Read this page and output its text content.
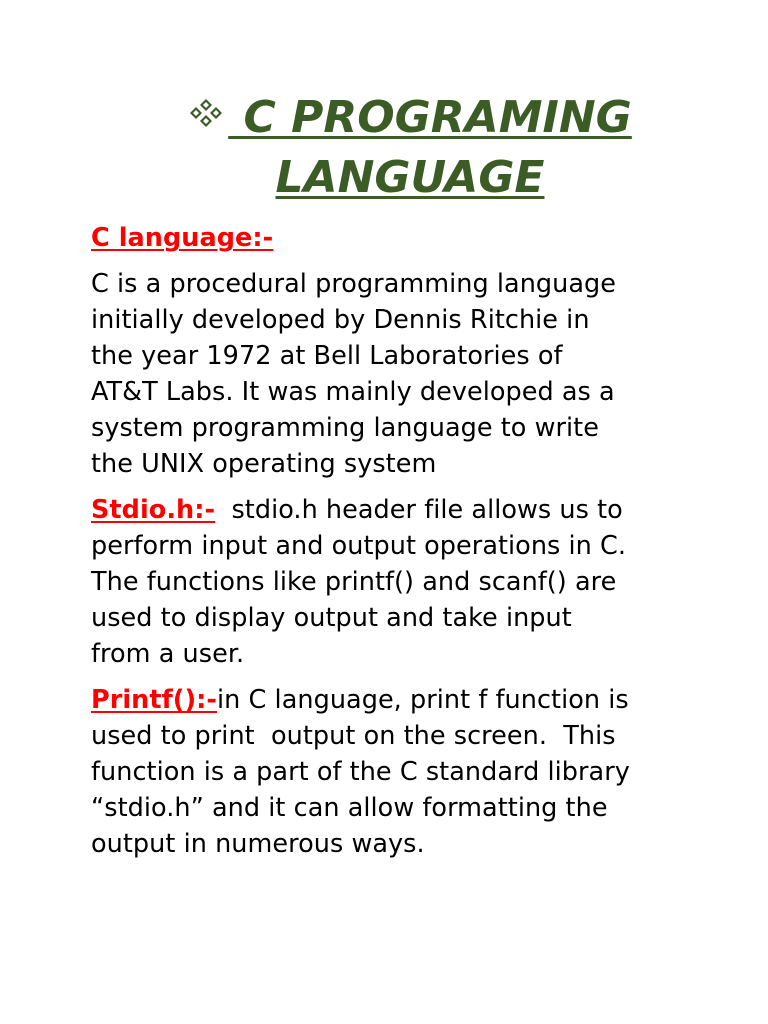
C PROGRAMING
LANGUAGE
C language:-
C is a procedural programming language
initially developed by Dennis Ritchie in
the year 1972 at Bell Laboratories of
AT&T Labs. It was mainly developed as a
system programming language to write
the UNIX operating system
Stdio.h:-  stdio.h header file allows us to
perform input and output operations in C.
The functions like printf() and scanf() are
used to display output and take input
from a user.
Printf():-in C language, print f function is
used to print  output on the screen.  This
function is a part of the C standard library
“stdio.h” and it can allow formatting the
output in numerous ways.
